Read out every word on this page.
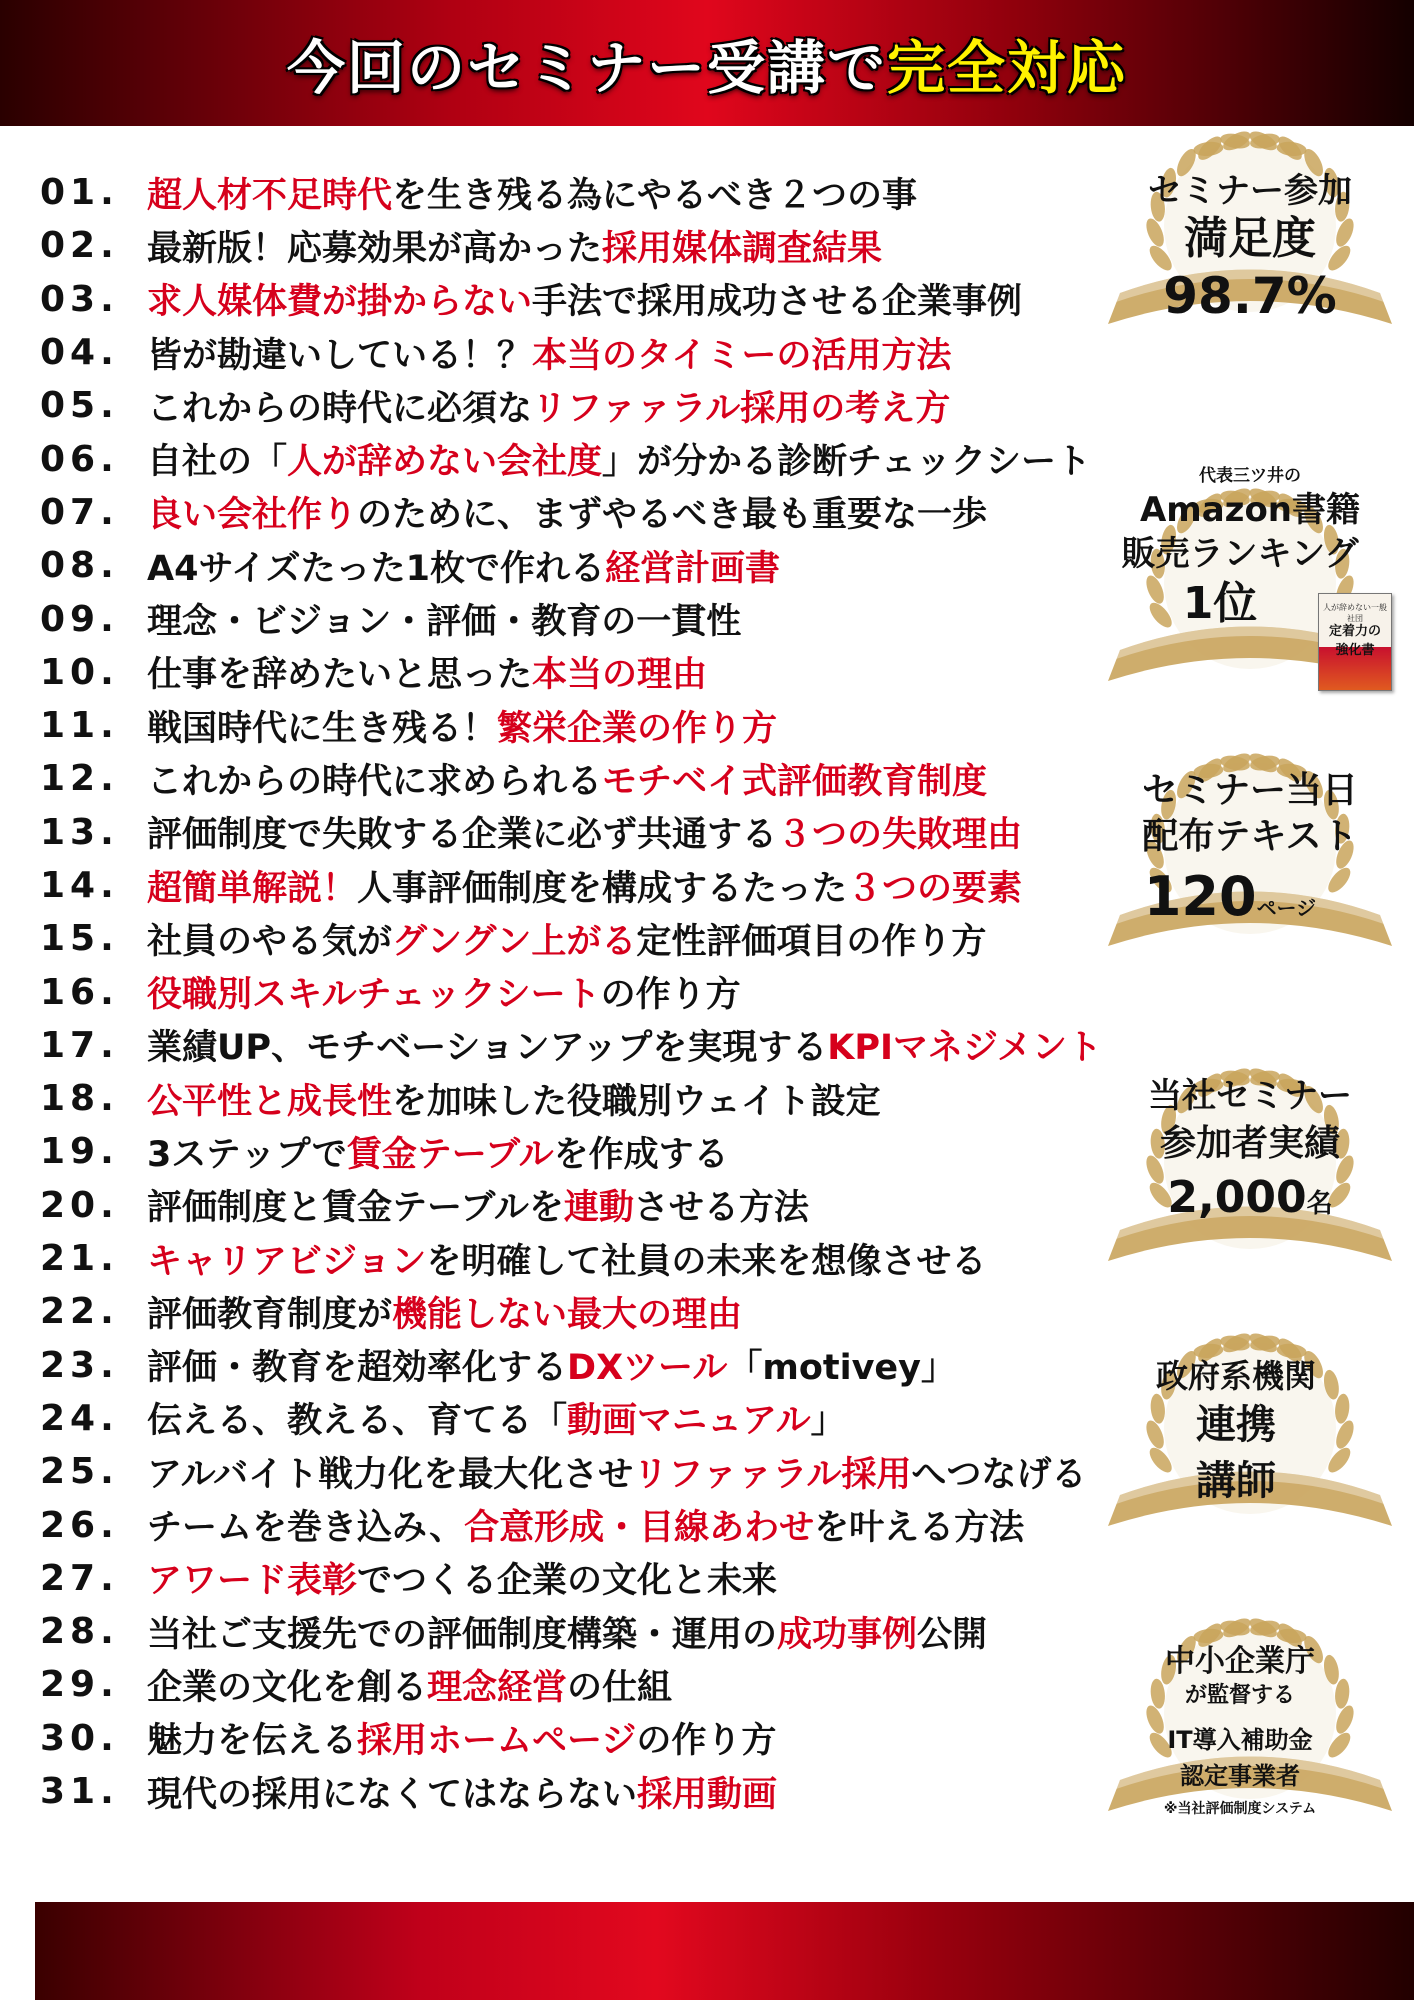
今回のセミナー受講で完全対応
01. 超人材不足時代を生き残る為にやるべき２つの事
02. 最新版！応募効果が高かった採用媒体調査結果
03. 求人媒体費が掛からない手法で採用成功させる企業事例
04. 皆が勘違いしている！？本当のタイミーの活用方法
05. これからの時代に必須なリファァラル採用の考え方
06. 自社の「人が辞めない会社度」が分かる診断チェックシート
07. 良い会社作りのために、まずやるべき最も重要な一歩
08. A4サイズたった1枚で作れる経営計画書
09. 理念・ビジョン・評価・教育の一貫性
10. 仕事を辞めたいと思った本当の理由
11. 戦国時代に生き残る！繁栄企業の作り方
12. これからの時代に求められるモチベイ式評価教育制度
13. 評価制度で失敗する企業に必ず共通する３つの失敗理由
14. 超簡単解説！人事評価制度を構成するたった３つの要素
15. 社員のやる気がグングン上がる定性評価項目の作り方
16. 役職別スキルチェックシートの作り方
17. 業績UP、モチベーションアップを実現するKPIマネジメント
18. 公平性と成長性を加味した役職別ウェイト設定
19. 3ステップで賃金テーブルを作成する
20. 評価制度と賃金テーブルを連動させる方法
21. キャリアビジョンを明確して社員の未来を想像させる
22. 評価教育制度が機能しない最大の理由
23. 評価・教育を超効率化するDXツール「motivey」
24. 伝える、教える、育てる「動画マニュアル」
25. アルバイト戦力化を最大化させリファァラル採用へつなげる
26. チームを巻き込み、合意形成・目線あわせを叶える方法
27. アワード表彰でつくる企業の文化と未来
28. 当社ご支援先での評価制度構築・運用の成功事例公開
29. 企業の文化を創る理念経営の仕組
30. 魅力を伝える採用ホームページの作り方
31. 現代の採用になくてはならない採用動画
セミナー参加
満足度
98.7%
代表三ツ井の
Amazon書籍
販売ランキング
1位	人が辞めない一般社団
定着力の強化書
セミナー当日
配布テキスト
120ページ
当社セミナー
参加者実績
2,000名
政府系機関
連携
講師
中小企業庁
が監督する
IT導入補助金
認定事業者
※当社評価制度システム
